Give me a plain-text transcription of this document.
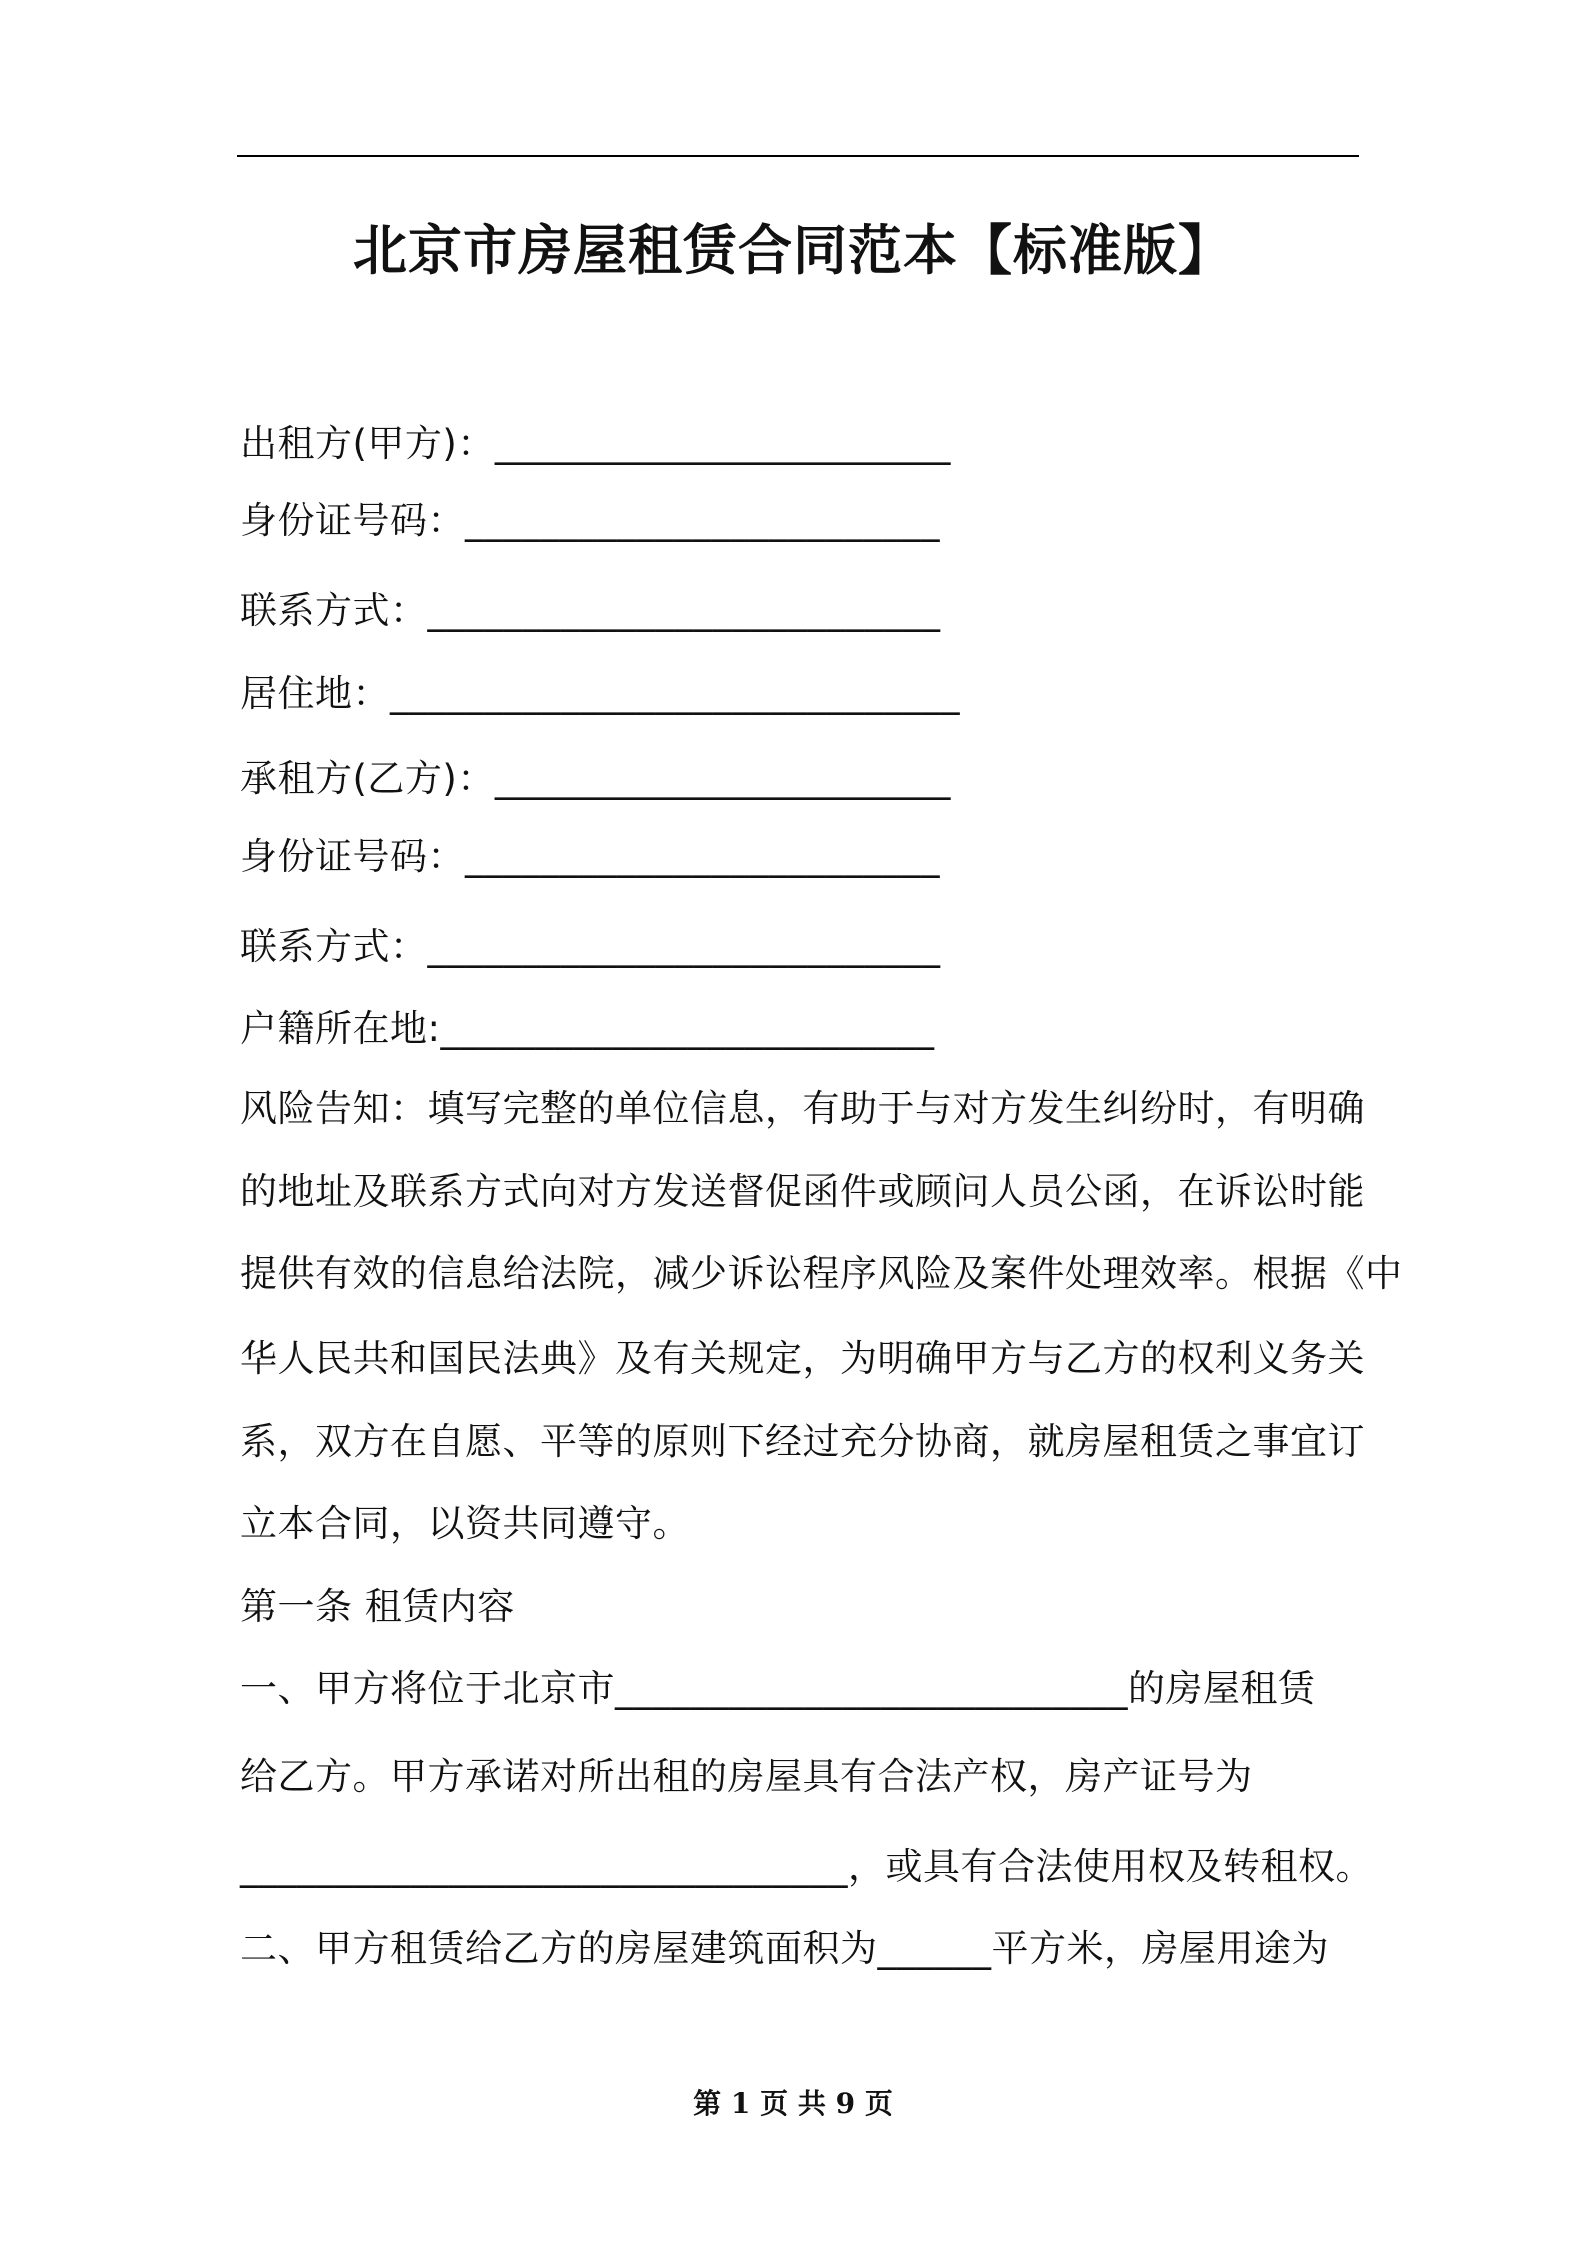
北京市房屋租赁合同范本【标准版】
出租方(甲方)：________________________
身份证号码：_________________________
联系方式：___________________________
居住地：______________________________
承租方(乙方)：________________________
身份证号码：_________________________
联系方式：___________________________
户籍所在地:__________________________
风险告知：填写完整的单位信息，有助于与对方发生纠纷时，有明确
的地址及联系方式向对方发送督促函件或顾问人员公函，在诉讼时能
提供有效的信息给法院，减少诉讼程序风险及案件处理效率。根据《中
华人民共和国民法典》及有关规定，为明确甲方与乙方的权利义务关
系，双方在自愿、平等的原则下经过充分协商，就房屋租赁之事宜订
立本合同，以资共同遵守。
第一条 租赁内容
一、甲方将位于北京市___________________________的房屋租赁
给乙方。甲方承诺对所出租的房屋具有合法产权，房产证号为
________________________________，或具有合法使用权及转租权。
二、甲方租赁给乙方的房屋建筑面积为______平方米，房屋用途为
第 1 页 共 9 页
